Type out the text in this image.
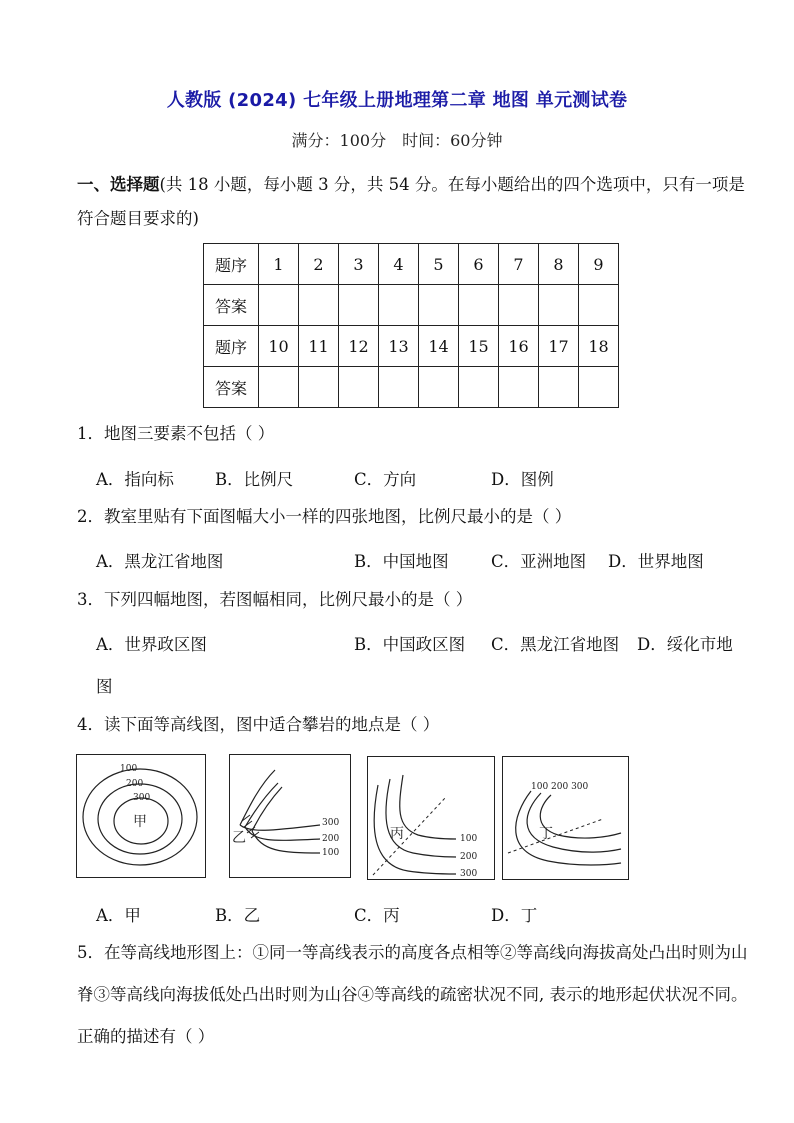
人教版 (2024) 七年级上册地理第二章 地图 单元测试卷
满分：100分　时间：60分钟
一、选择题(共 18 小题，每小题 3 分，共 54 分。在每小题给出的四个选项中，只有一项是符合题目要求的)
题序	1	2	3	4	5	6	7	8	9
答案									
题序	10	11	12	13	14	15	16	17	18
答案									
1．地图三要素不包括（ ）
A．指向标 B．比例尺	C．方向	D．图例
2．教室里贴有下面图幅大小一样的四张地图，比例尺最小的是（ ）
A．黑龙江省地图	B．中国地图	C．亚洲地图 D．世界地图
3．下列四幅地图，若图幅相同，比例尺最小的是（ ）
A．世界政区图	B．中国政区图 C．黑龙江省地图 D．绥化市地
图
4．读下面等高线图，图中适合攀岩的地点是（ ）
100
200
300
甲
乙
300
200
100
丙	100
200
300
100 200 300
丁
A．甲	B．乙	C．丙	D．丁
5．在等高线地形图上：①同一等高线表示的高度各点相等②等高线向海拔高处凸出时则为山脊③等高线向海拔低处凸出时则为山谷④等高线的疏密状况不同, 表示的地形起伏状况不同。正确的描述有（ ）
